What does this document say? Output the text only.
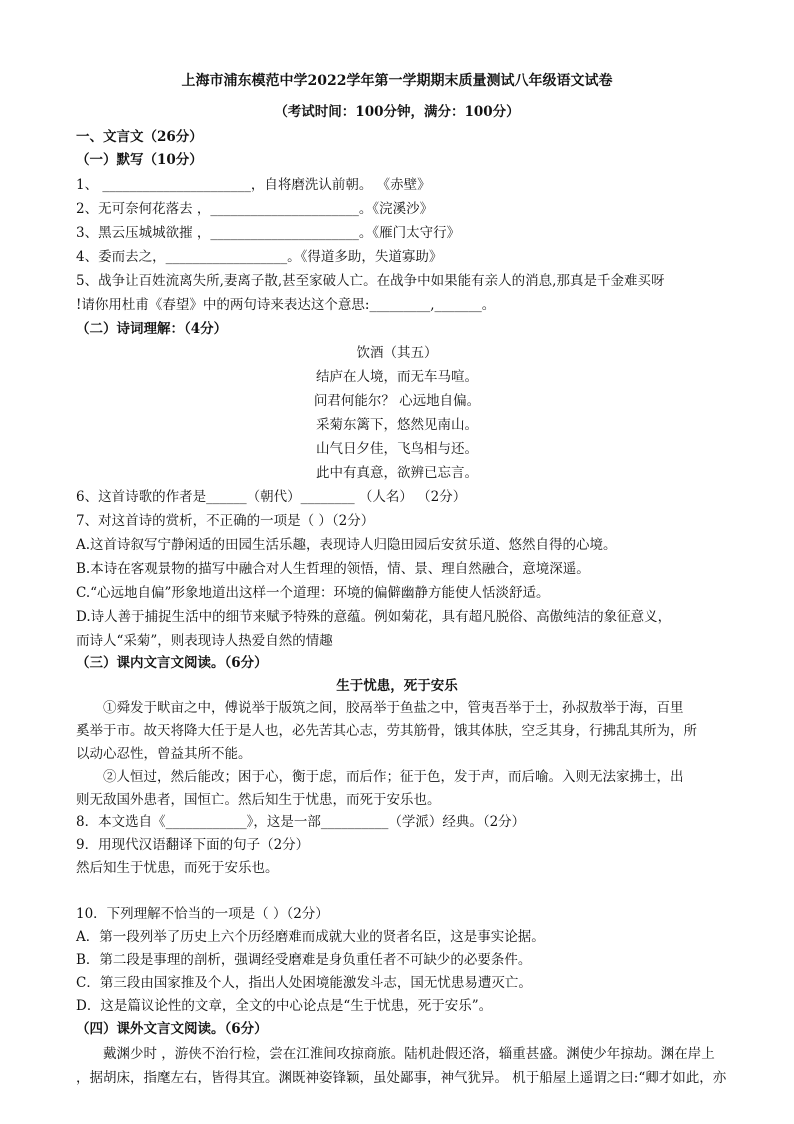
上海市浦东模范中学2022学年第一学期期末质量测试八年级语文试卷
（考试时间：100分钟，满分：100分）
一、文言文（26分）
（一）默写（10分）
1、 ______________________，自将磨洗认前朝。 《赤壁》
2、无可奈何花落去 ，______________________。《浣溪沙》
3、黑云压城城欲摧 ，______________________。《雁门太守行》
4、委而去之，__________________。《得道多助，失道寡助》
5、战争让百姓流离失所,妻离子散,甚至家破人亡。在战争中如果能有亲人的消息,那真是千金难买呀
!请你用杜甫《春望》中的两句诗来表达这个意思:_________,_______。
（二）诗词理解：（4分）
饮酒（其五）
结庐在人境，而无车马喧。
问君何能尔？ 心远地自偏。
采菊东篱下，悠然见南山。
山气日夕佳，飞鸟相与还。
此中有真意，欲辨已忘言。
6、这首诗歌的作者是______（朝代）________ （人名） （2分）
7、对这首诗的赏析，不正确的一项是（ ）（2分）
A.这首诗叙写宁静闲适的田园生活乐趣，表现诗人归隐田园后安贫乐道、悠然自得的心境。
B.本诗在客观景物的描写中融合对人生哲理的领悟，情、景、理自然融合，意境深遥。
C.“心远地自偏”形象地道出这样一个道理：环境的偏僻幽静方能使人恬淡舒适。
D.诗人善于捕捉生活中的细节来赋予特殊的意蕴。例如菊花，具有超凡脱俗、高傲纯洁的象征意义，
而诗人“采菊”，则表现诗人热爱自然的情趣
（三）课内文言文阅读。（6分）
生于忧患，死于安乐
①舜发于畎亩之中，傅说举于版筑之间，胶鬲举于鱼盐之中，管夷吾举于士，孙叔敖举于海，百里
奚举于市。故天将降大任于是人也，必先苦其心志，劳其筋骨，饿其体肤，空乏其身，行拂乱其所为，所
以动心忍性，曾益其所不能。
②人恒过，然后能改；困于心，衡于虑，而后作；征于色，发于声，而后喻。入则无法家拂士，出
则无敌国外患者，国恒亡。然后知生于忧患，而死于安乐也。
8．本文选自《____________》，这是一部__________（学派）经典。（2分）
9．用现代汉语翻译下面的句子（2分）
然后知生于忧患，而死于安乐也。
10．下列理解不恰当的一项是（ ）（2分）
A．第一段列举了历史上六个历经磨难而成就大业的贤者名臣，这是事实论据。
B．第二段是事理的剖析，强调经受磨难是身负重任者不可缺少的必要条件。
C．第三段由国家推及个人，指出人处困境能激发斗志，国无忧患易遭灭亡。
D．这是篇议论性的文章，全文的中心论点是“生于忧患，死于安乐”。
（四）课外文言文阅读。（6分）
戴渊少时 ，游侠不治行检，尝在江淮间攻掠商旅。陆机赴假还洛，辎重甚盛。渊使少年掠劫。渊在岸上
，据胡床，指麾左右，皆得其宜。渊既神姿锋颖，虽处鄙事，神气犹异。 机于船屋上遥谓之曰:“卿才如此，亦
